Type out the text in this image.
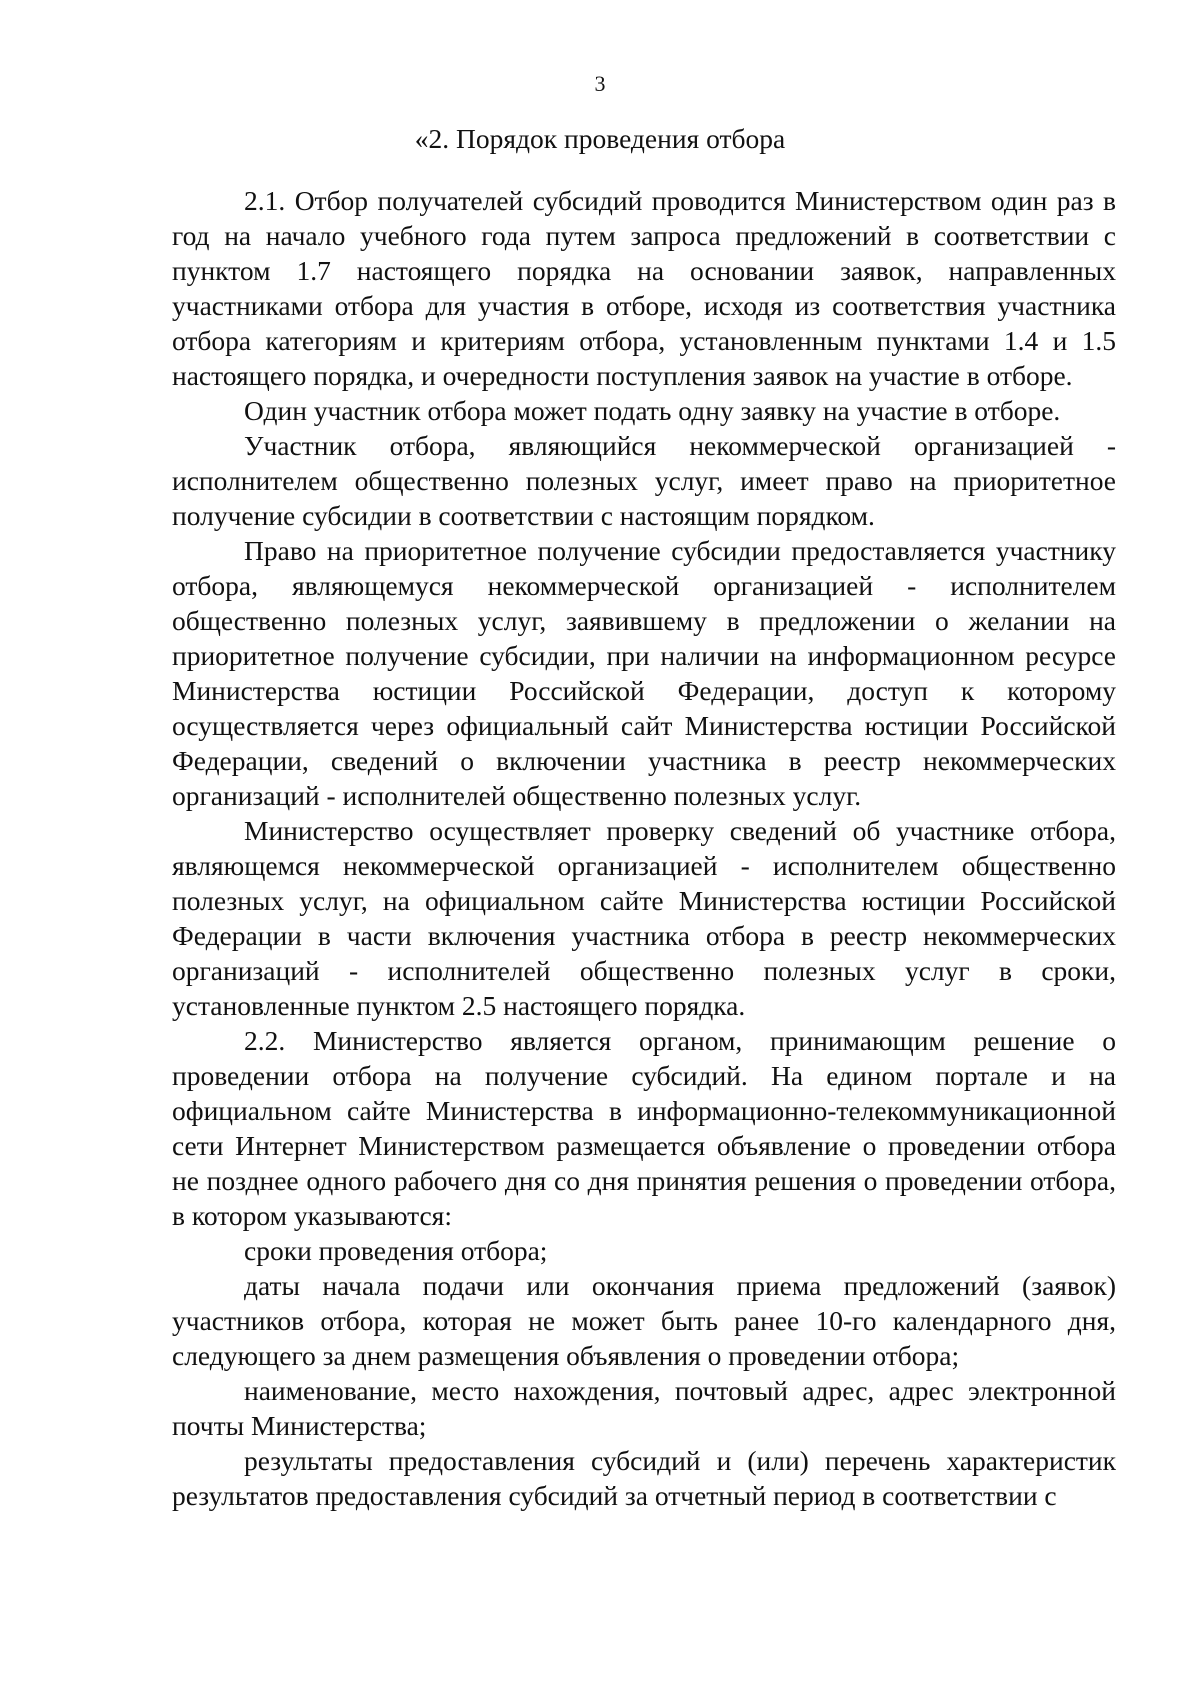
3
«2. Порядок проведения отбора

2.1. Отбор получателей субсидий проводится Министерством один раз в год на начало учебного года путем запроса предложений в соответствии с пунктом 1.7 настоящего порядка на основании заявок, направленных участниками отбора для участия в отборе, исходя из соответствия участника отбора категориям и критериям отбора, установленным пунктами 1.4 и 1.5 настоящего порядка, и очередности поступления заявок на участие в отборе.

Один участник отбора может подать одну заявку на участие в отборе.

Участник отбора, являющийся некоммерческой организацией - исполнителем общественно полезных услуг, имеет право на приоритетное получение субсидии в соответствии с настоящим порядком.

Право на приоритетное получение субсидии предоставляется участнику отбора, являющемуся некоммерческой организацией - исполнителем общественно полезных услуг, заявившему в предложении о желании на приоритетное получение субсидии, при наличии на информационном ресурсе Министерства юстиции Российской Федерации, доступ к которому осуществляется через официальный сайт Министерства юстиции Российской Федерации, сведений о включении участника в реестр некоммерческих организаций - исполнителей общественно полезных услуг.

Министерство осуществляет проверку сведений об участнике отбора, являющемся некоммерческой организацией - исполнителем общественно полезных услуг, на официальном сайте Министерства юстиции Российской Федерации в части включения участника отбора в реестр некоммерческих организаций - исполнителей общественно полезных услуг в сроки, установленные пунктом 2.5 настоящего порядка.

2.2. Министерство является органом, принимающим решение о проведении отбора на получение субсидий. На едином портале и на официальном сайте Министерства в информационно-телекоммуникационной сети Интернет Министерством размещается объявление о проведении отбора не позднее одного рабочего дня со дня принятия решения о проведении отбора, в котором указываются:

сроки проведения отбора;

даты начала подачи или окончания приема предложений (заявок) участников отбора, которая не может быть ранее 10-го календарного дня, следующего за днем размещения объявления о проведении отбора;

наименование, место нахождения, почтовый адрес, адрес электронной почты Министерства;

результаты предоставления субсидий и (или) перечень характеристик результатов предоставления субсидий за отчетный период в соответствии с
